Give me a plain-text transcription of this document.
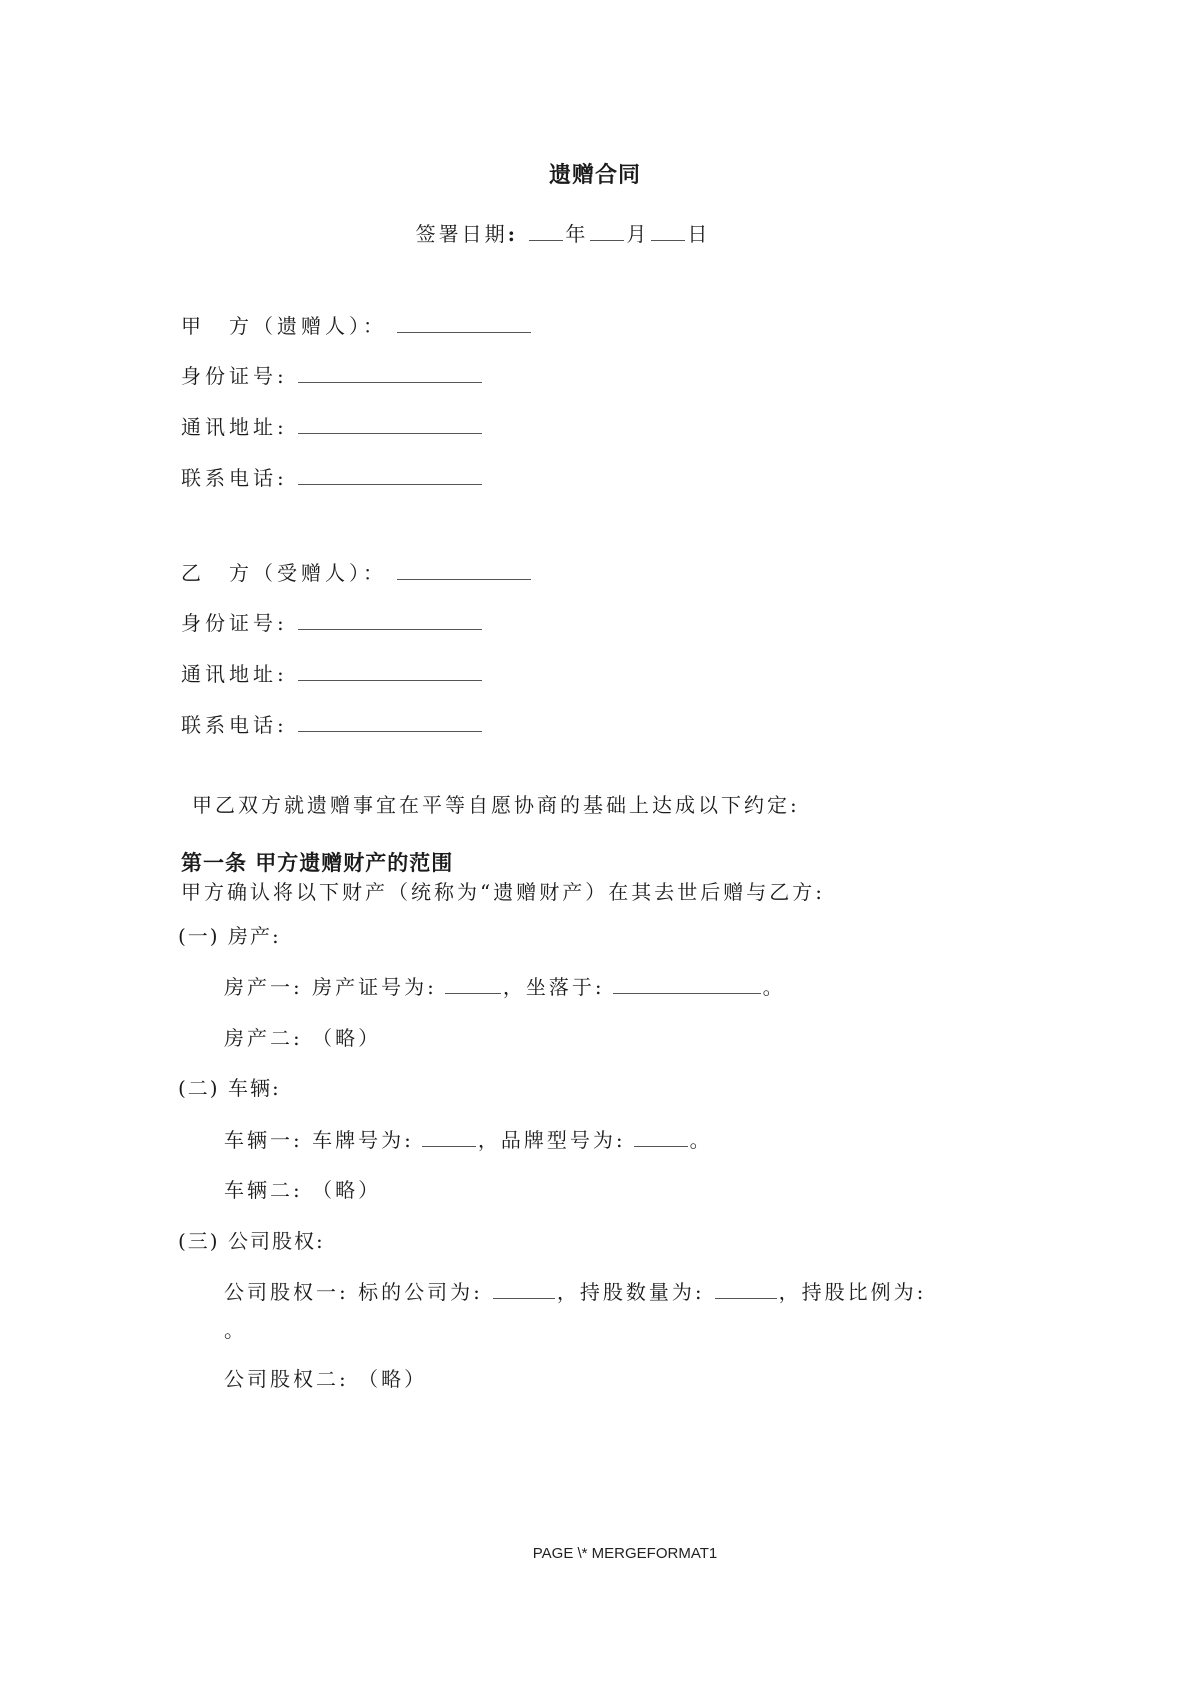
遗赠合同
签署日期: 年 月 日
甲　方（遗赠人）：
身份证号:
通讯地址:
联系电话:
乙　方（受赠人）：
身份证号:
通讯地址:
联系电话:
甲乙双方就遗赠事宜在平等自愿协商的基础上达成以下约定:
第一条 甲方遗赠财产的范围
甲方确认将以下财产（统称为“遗赠财产）在其去世后赠与乙方:
(一) 房产:
房产一: 房产证号为:	，坐落于:	。
房产二: （略）
(二) 车辆:
车辆一: 车牌号为:	，品牌型号为:	。
车辆二: （略）
(三) 公司股权:
公司股权一: 标的公司为:	，持股数量为:	，持股比例为:
。
公司股权二: （略）
PAGE \* MERGEFORMAT1
